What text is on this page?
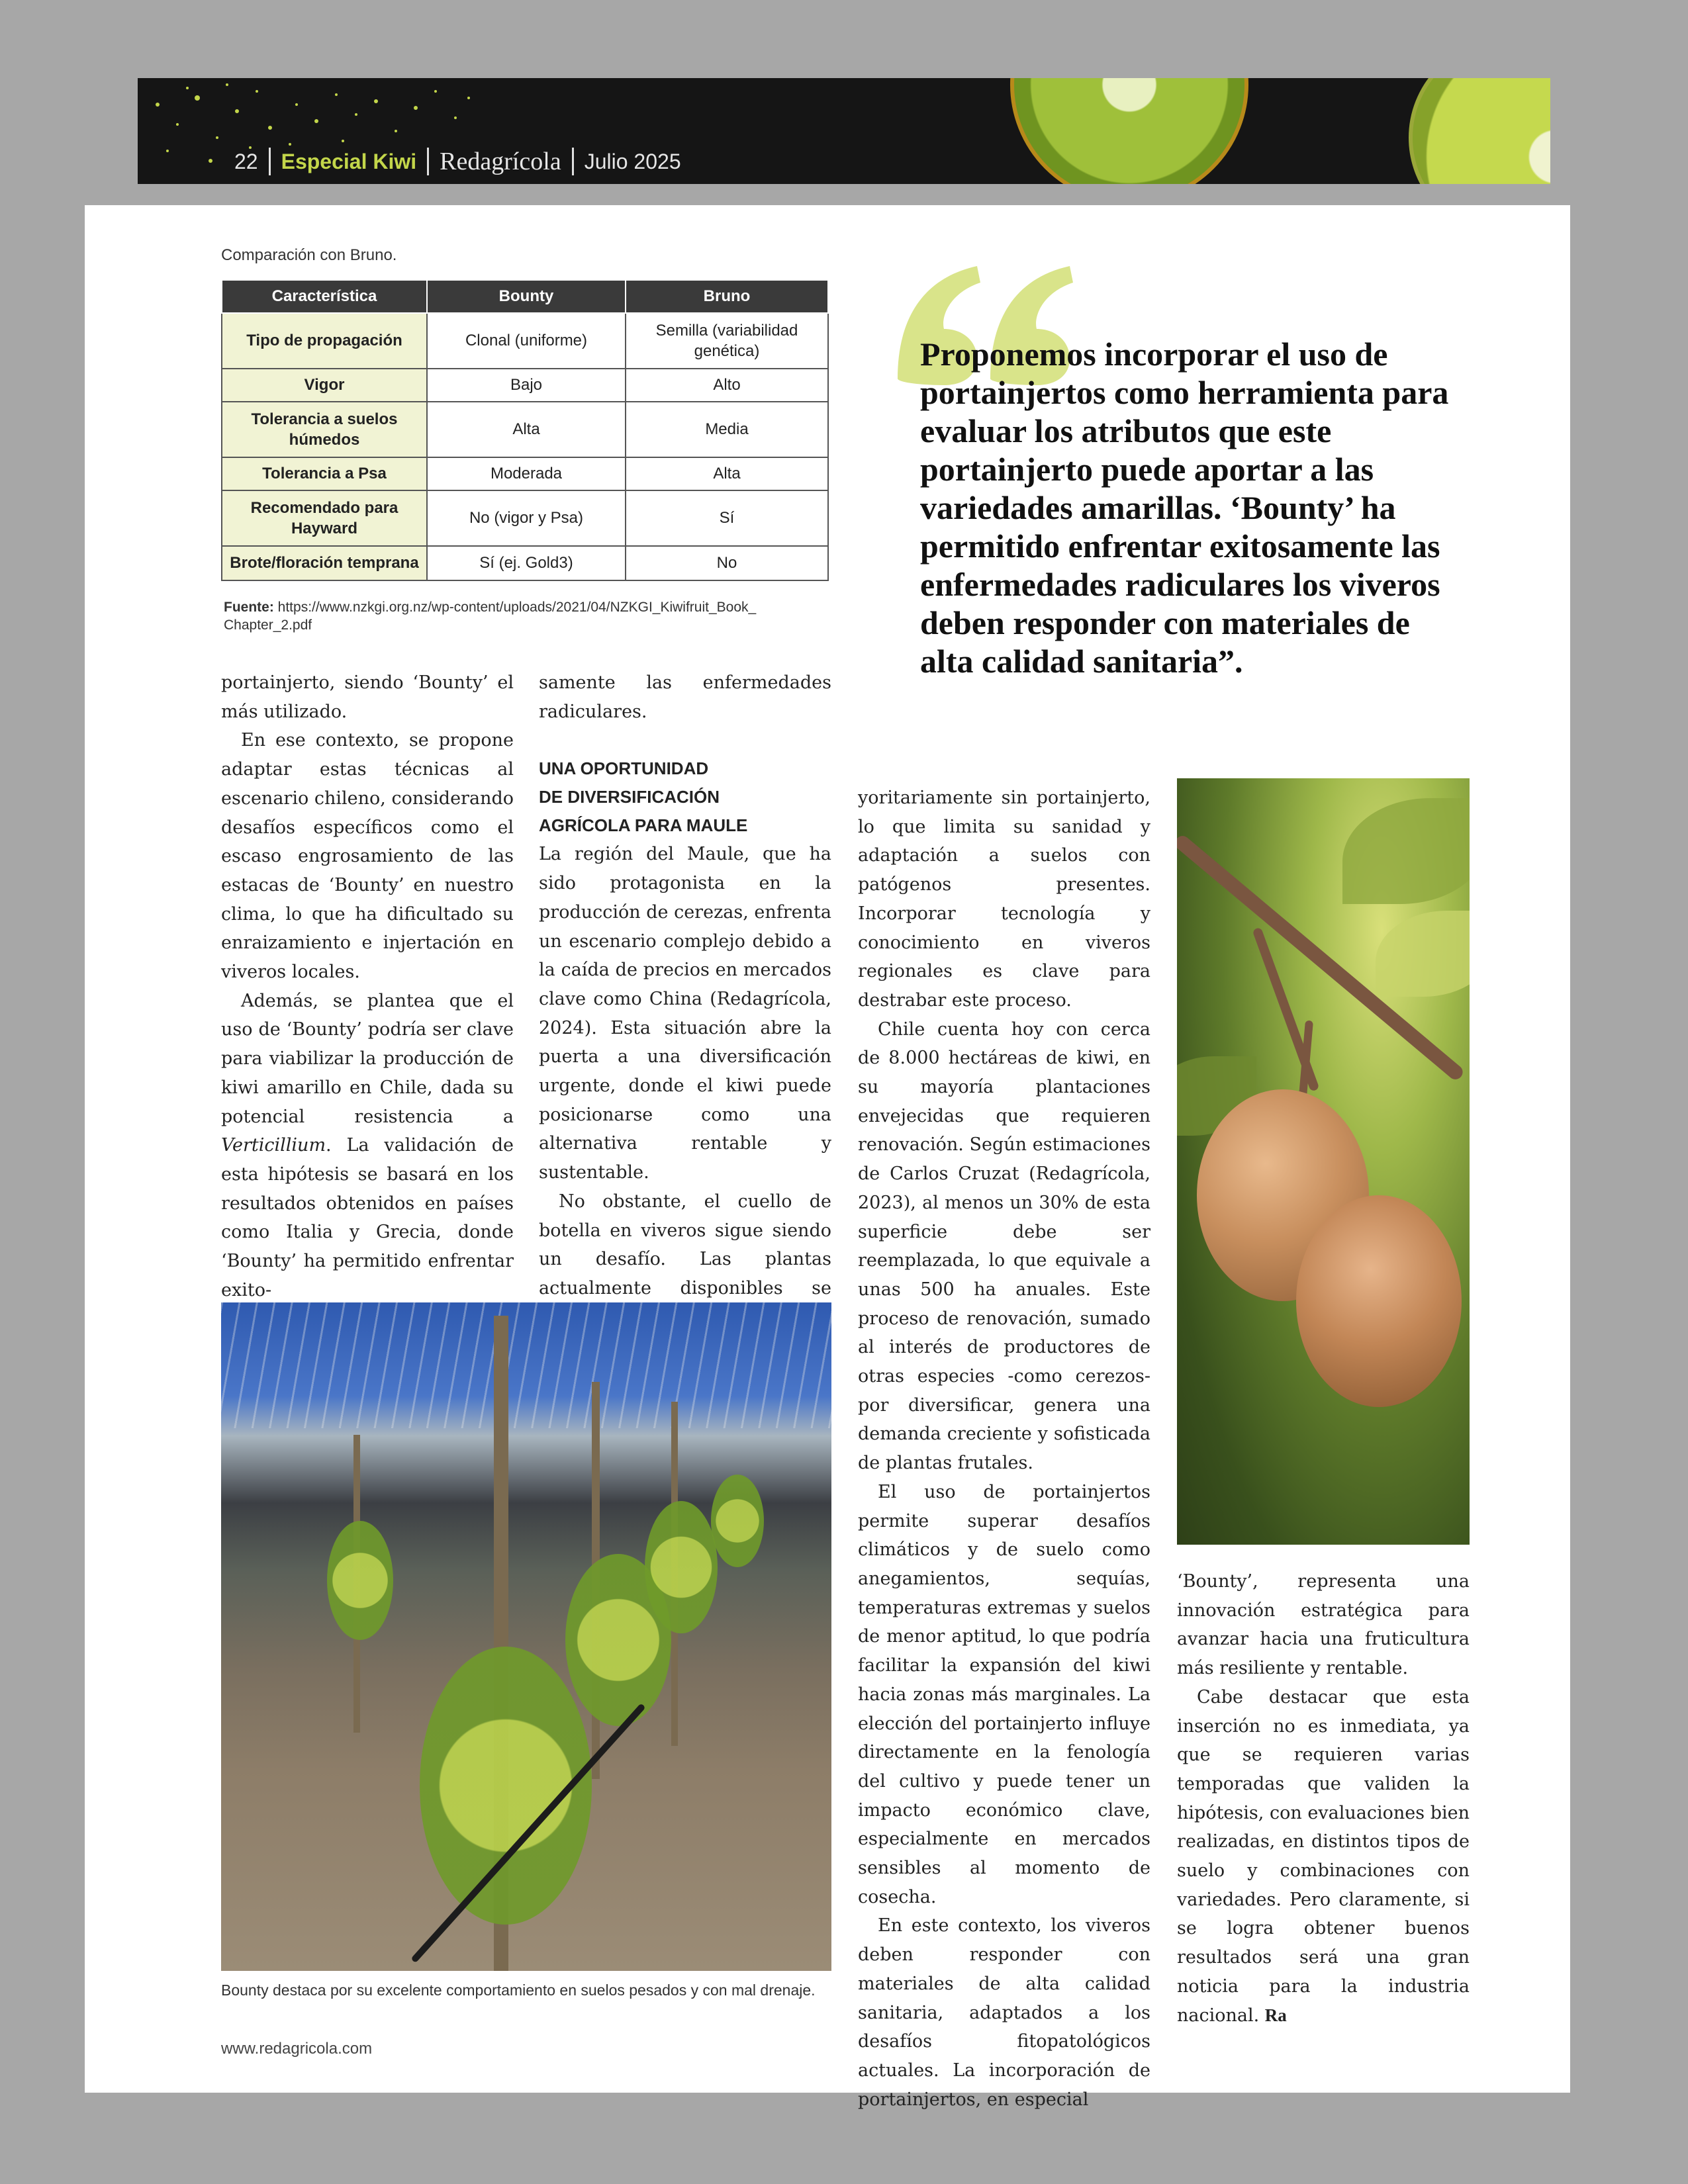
22 Especial Kiwi Redagrícola Julio 2025
Comparación con Bruno.
Característica	Bounty	Bruno
Tipo de propagación	Clonal (uniforme)	Semilla (variabilidad genética)
Vigor	Bajo	Alto
Tolerancia a suelos húmedos	Alta	Media
Tolerancia a Psa	Moderada	Alta
Recomendado para Hayward	No (vigor y Psa)	Sí
Brote/floración temprana	Sí (ej. Gold3)	No
Fuente: https://www.nzkgi.org.nz/wp-content/uploads/2021/04/NZKGI_Kiwifruit_Book_ Chapter_2.pdf
Proponemos incorporar el uso de portainjertos como herramienta para evaluar los atributos que este portainjerto puede aportar a las variedades amarillas. ‘Bounty’ ha permitido enfrentar exitosamente las enfermedades radiculares los viveros deben responder con materiales de alta calidad sanitaria”.

portainjerto, siendo ‘Bounty’ el más utilizado.

En ese contexto, se propone adaptar estas técnicas al escenario chileno, considerando desafíos específicos como el escaso engrosamiento de las estacas de ‘Bounty’ en nuestro clima, lo que ha dificultado su enraizamiento e injertación en viveros locales.

Además, se plantea que el uso de ‘Bounty’ podría ser clave para viabilizar la producción de kiwi amarillo en Chile, dada su potencial resistencia a Verticillium. La validación de esta hipótesis se basará en los resultados obtenidos en países como Italia y Grecia, donde ‘Bounty’ ha permitido enfrentar exito-

samente las enfermedades radiculares.

UNA OPORTUNIDAD
DE DIVERSIFICACIÓN
AGRÍCOLA PARA MAULE

La región del Maule, que ha sido protagonista en la producción de cerezas, enfrenta un escenario complejo debido a la caída de precios en mercados clave como China (Redagrícola, 2024). Esta situación abre la puerta a una diversificación urgente, donde el kiwi puede posicionarse como una alternativa rentable y sustentable.

No obstante, el cuello de botella en viveros sigue siendo un desafío. Las plantas actualmente disponibles se

yoritariamente sin portainjerto, lo que limita su sanidad y adaptación a suelos con patógenos presentes. Incorporar tecnología y conocimiento en viveros regionales es clave para destrabar este proceso.

Chile cuenta hoy con cerca de 8.000 hectáreas de kiwi, en su mayoría plantaciones envejecidas que requieren renovación. Según estimaciones de Carlos Cruzat (Redagrícola, 2023), al menos un 30% de esta superficie debe ser reemplazada, lo que equivale a unas 500 ha anuales. Este proceso de renovación, sumado al interés de productores de otras especies -como cerezos- por diversificar, genera una demanda creciente y sofisticada de plantas frutales.

El uso de portainjertos permite superar desafíos climáticos y de suelo como anegamientos, sequías, temperaturas extremas y suelos de menor aptitud, lo que podría facilitar la expansión del kiwi hacia zonas más marginales. La elección del portainjerto influye directamente en la fenología del cultivo y puede tener un impacto económico clave, especialmente en mercados sensibles al momento de cosecha.

En este contexto, los viveros deben responder con materiales de alta calidad sanitaria, adaptados a los desafíos fitopatológicos actuales. La incorporación de portainjertos, en especial

‘Bounty’, representa una innovación estratégica para avanzar hacia una fruticultura más resiliente y rentable.

Cabe destacar que esta inserción no es inmediata, ya que se requieren varias temporadas que validen la hipótesis, con evaluaciones bien realizadas, en distintos tipos de suelo y combinaciones con variedades. Pero claramente, si se logra obtener buenos resultados será una gran noticia para la industria nacional. Ra

Bounty destaca por su excelente comportamiento en suelos pesados y con mal drenaje.
www.redagricola.com
